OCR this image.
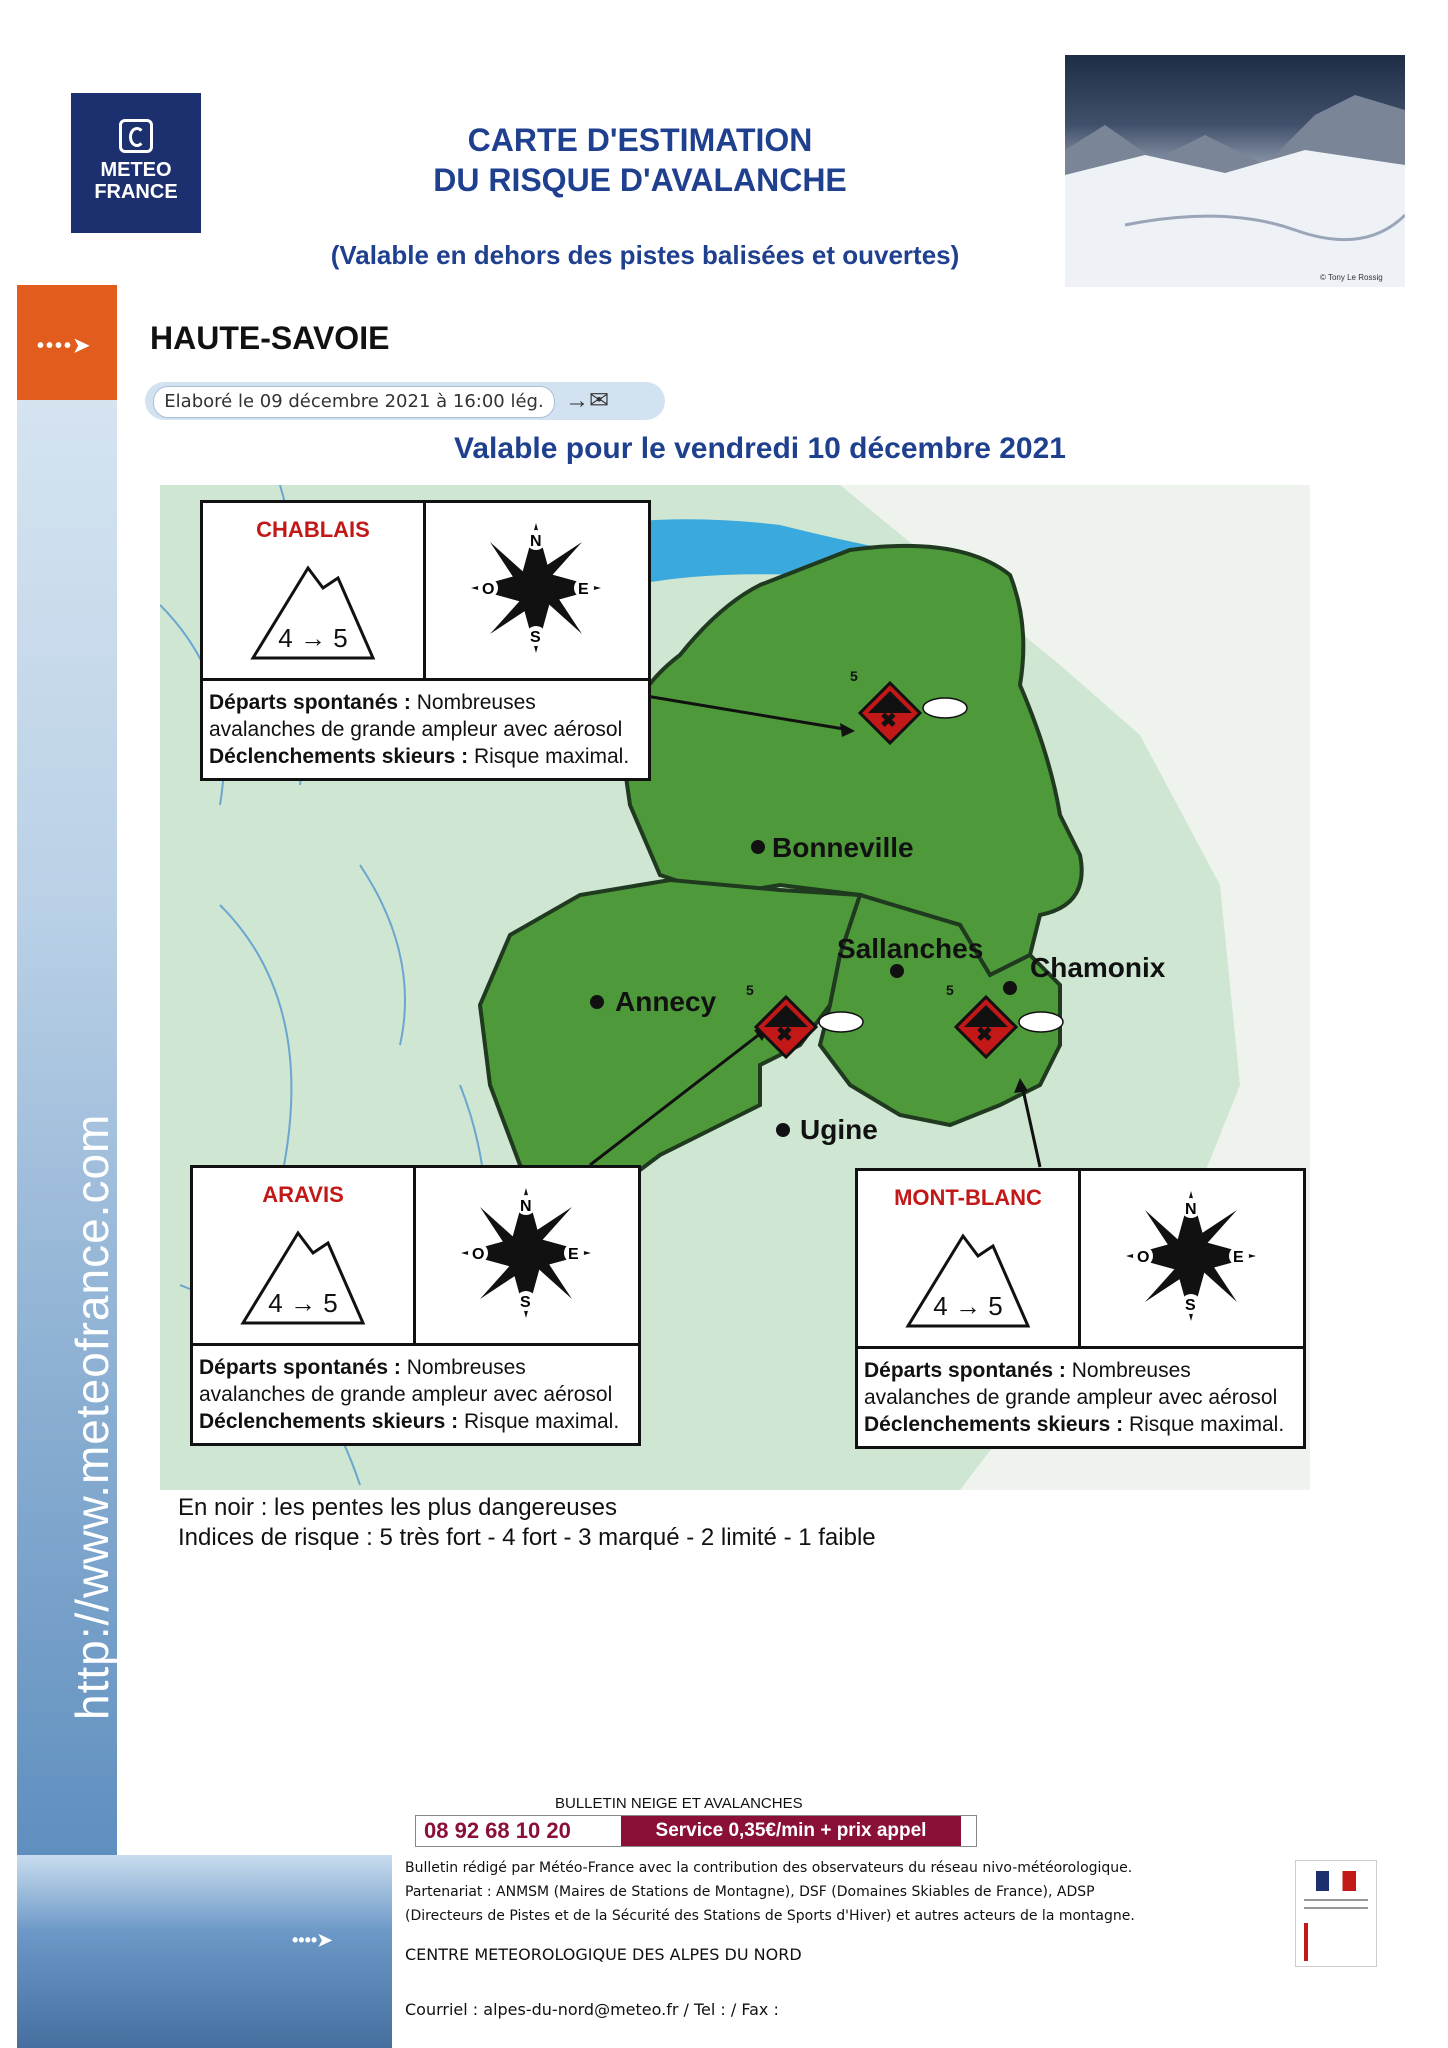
••••➤
http://www.meteofrance.com
METEO
FRANCE
CARTE D'ESTIMATION
DU RISQUE D'AVALANCHE
(Valable en dehors des pistes balisées et ouvertes)
© Tony Le Rossig
HAUTE-SAVOIE
Elaboré le 09 décembre 2021 à 16:00 lég. →✉
Valable pour le vendredi 10 décembre 2021
Bonneville
Sallanches
Chamonix
Annecy
Ugine
✖
5
✖
5
✖
5
CHABLAIS
4 → 5
N
E
S
O
Départs spontanés : Nombreuses avalanches de grande ampleur avec aérosol
Déclenchements skieurs : Risque maximal.
ARAVIS
4 → 5
N
E
S
O
Départs spontanés : Nombreuses avalanches de grande ampleur avec aérosol
Déclenchements skieurs : Risque maximal.
MONT-BLANC
4 → 5
N
E
S
O
Départs spontanés : Nombreuses avalanches de grande ampleur avec aérosol
Déclenchements skieurs : Risque maximal.
En noir : les pentes les plus dangereuses
Indices de risque : 5 très fort - 4 fort - 3 marqué - 2 limité - 1 faible
••••➤
BULLETIN NEIGE ET AVALANCHES
08 92 68 10 20	Service 0,35€/min + prix appel
Bulletin rédigé par Météo-France avec la contribution des observateurs du réseau nivo-météorologique.
Partenariat : ANMSM (Maires de Stations de Montagne), DSF (Domaines Skiables de France), ADSP
(Directeurs de Pistes et de la Sécurité des Stations de Sports d'Hiver) et autres acteurs de la montagne.
CENTRE METEOROLOGIQUE DES ALPES DU NORD
Courriel : alpes-du-nord@meteo.fr / Tel : / Fax :
